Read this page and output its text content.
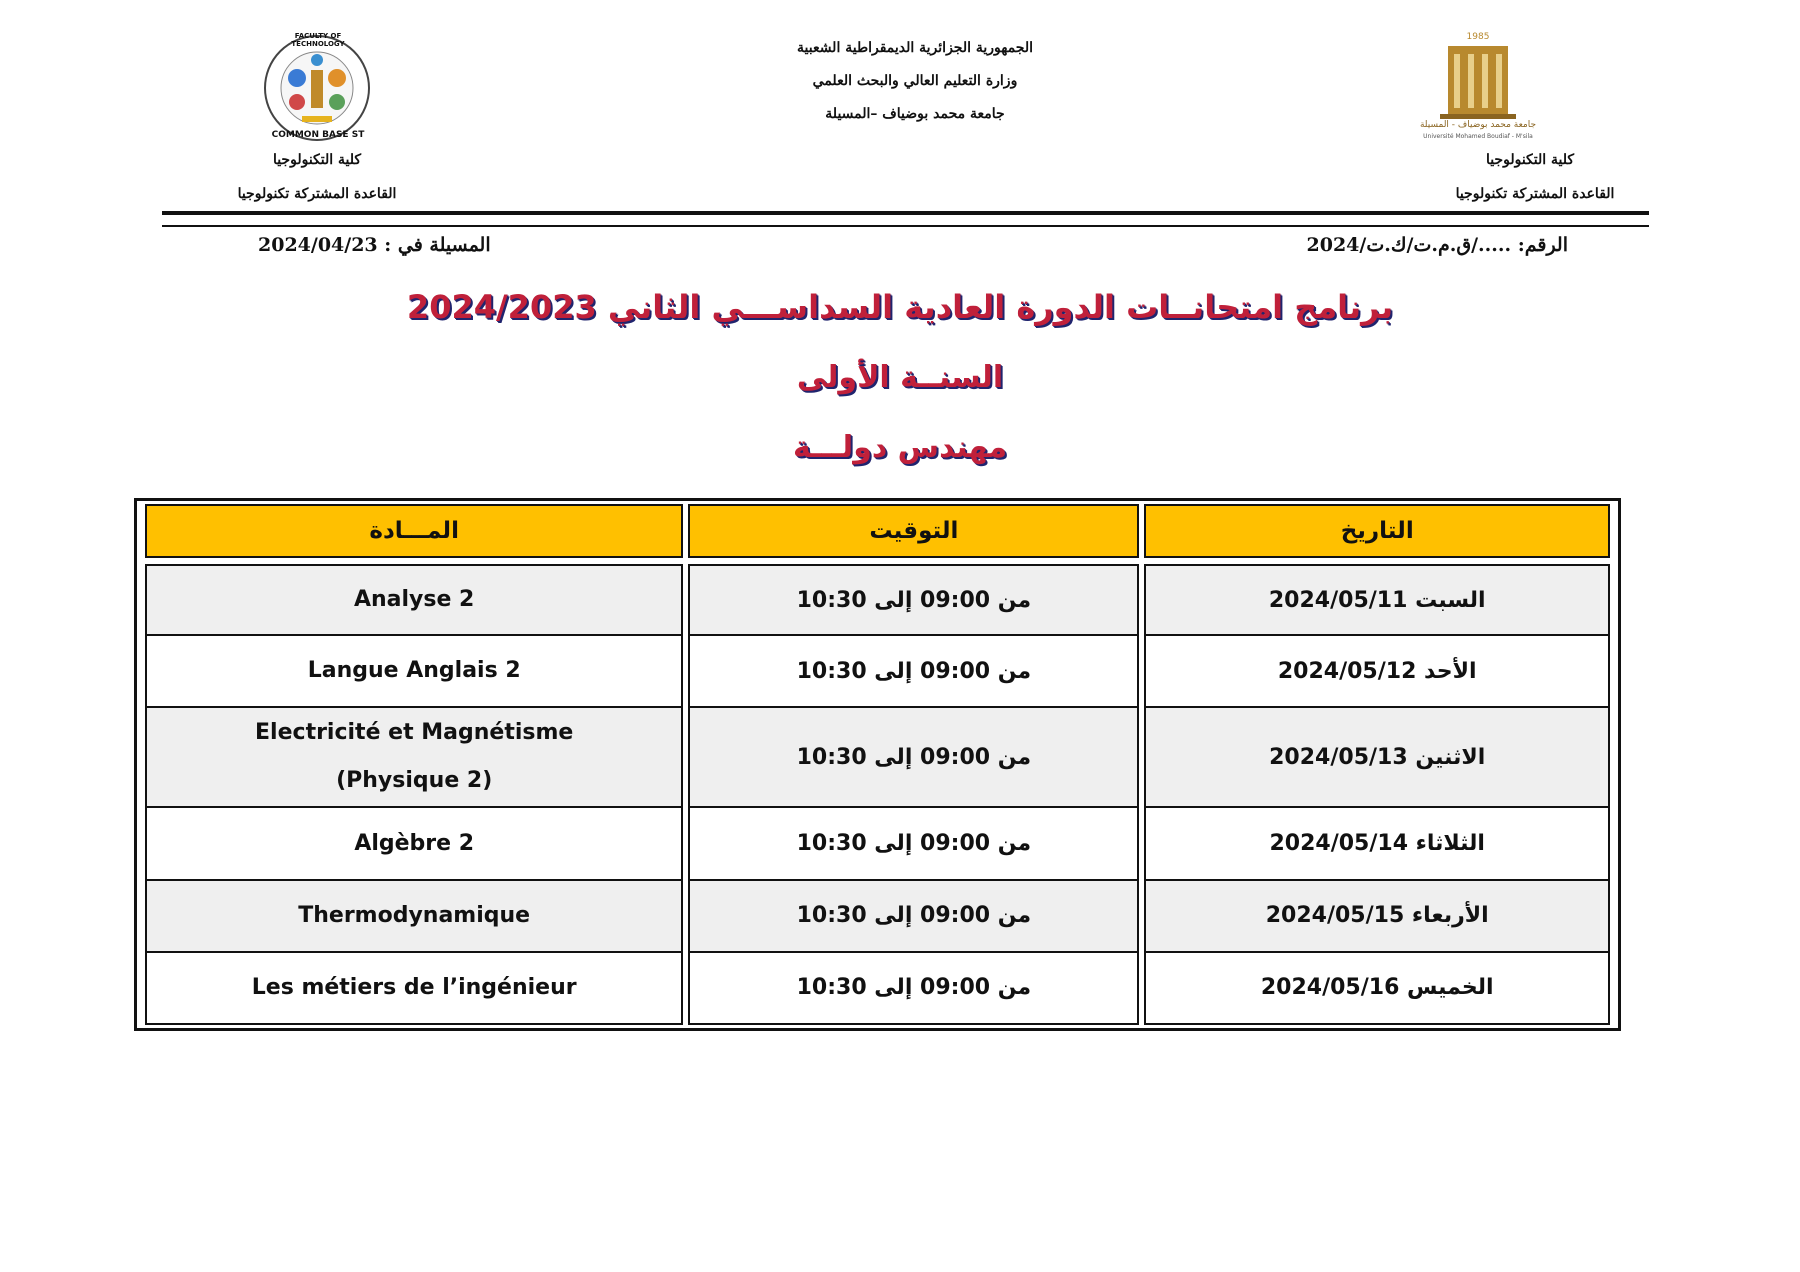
FACULTY OF TECHNOLOGY
COMMON BASE ST
كلية التكنولوجيا
القاعدة المشتركة تكنولوجيا
الجمهورية الجزائرية الديمقراطية الشعبية
وزارة التعليم العالي والبحث العلمي
جامعة محمد بوضياف –المسيلة
1985
جامعة محمد بوضياف - المسيلة
Université Mohamed Boudiaf - M'sila
كلية التكنولوجيا
القاعدة المشتركة تكنولوجيا
الرقم: ...../ق.م.ت/ك.ت/2024
المسيلة في : 2024/04/23
برنامج امتحانــات الدورة العادية السداســـي الثاني 2024/2023
السنــة الأولى
مهندس دولـــة
التاريخ	التوقيت	المـــادة

السبت 2024/05/11	من 09:00 إلى 10:30	Analyse 2

الأحد 2024/05/12	من 09:00 إلى 10:30	Langue Anglais 2

الاثنين 2024/05/13	من 09:00 إلى 10:30	Electricité et Magnétisme
(Physique 2)

الثلاثاء 2024/05/14	من 09:00 إلى 10:30	Algèbre 2

الأربعاء 2024/05/15	من 09:00 إلى 10:30	Thermodynamique

الخميس 2024/05/16	من 09:00 إلى 10:30	Les métiers de l’ingénieur
